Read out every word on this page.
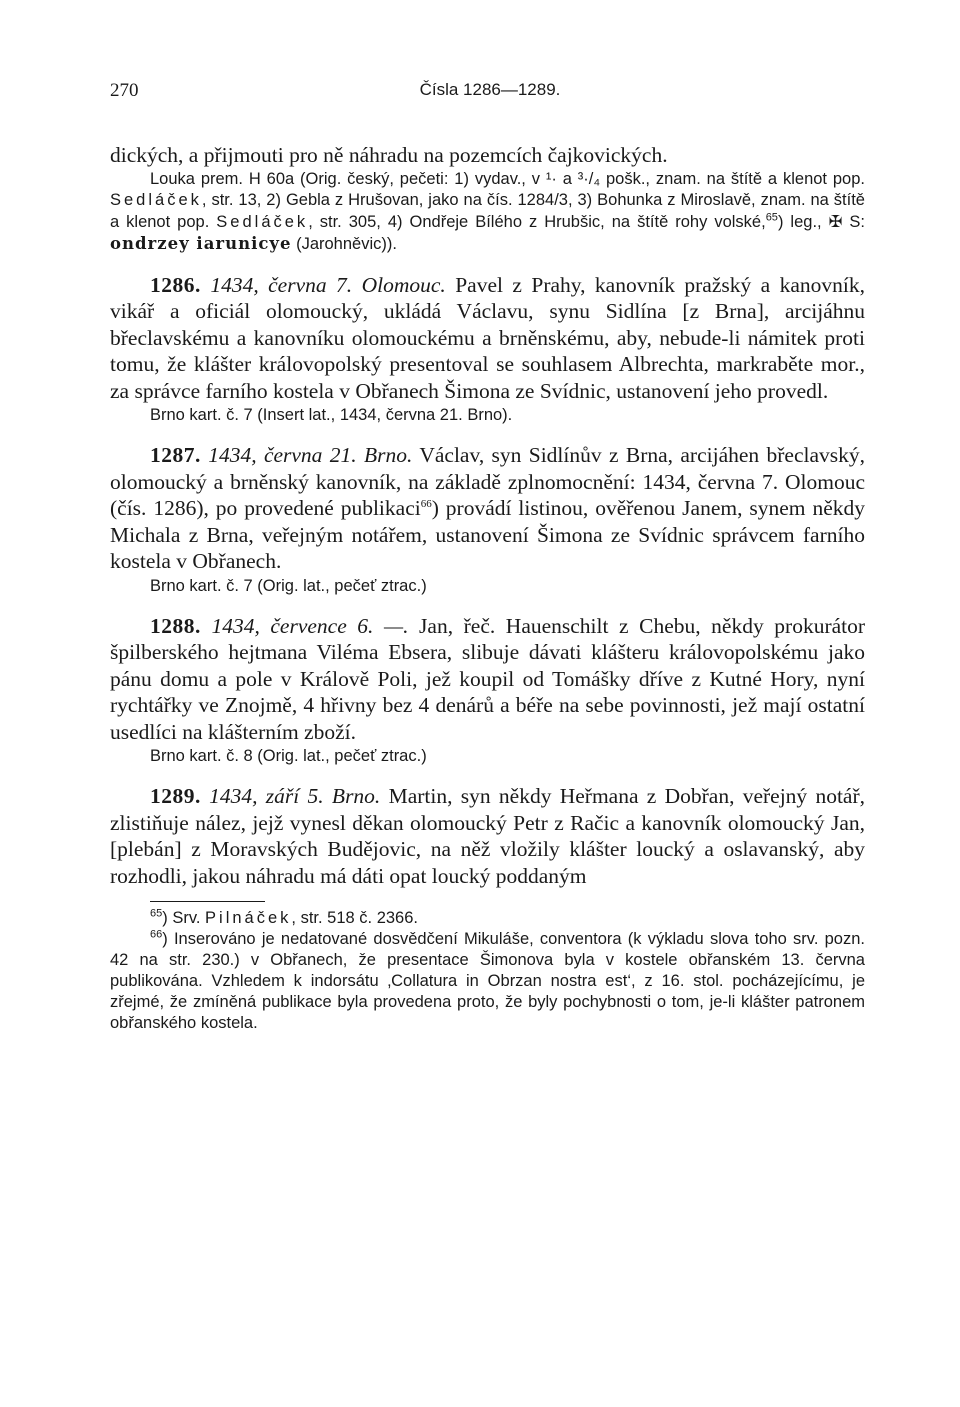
270	Čísla 1286—1289.

dických, a přijmouti pro ně náhradu na pozemcích čajkovických.

Louka prem. H 60a (Orig. český, pečeti: 1) vydav., v ¹· a ³·/₄ pošk., znam. na štítě a klenot pop. Sedláček, str. 13, 2) Gebla z Hrušovan, jako na čís. 1284/3, 3) Bohunka z Miroslavě, znam. na štítě a klenot pop. Sedláček, str. 305, 4) Ondřeje Bílého z Hrubšic, na štítě rohy volské,$^{65}$) leg., ✠ S: ondrzey iarunicye (Jarohněvic)).

1286. 1434, června 7. Olomouc. Pavel z Prahy, kanovník pražský a kanovník, vikář a oficiál olomoucký, ukládá Václavu, synu Sidlína [z Brna], arcijáhnu břeclavskému a kanovníku olomouckému a brněnskému, aby, nebude-li námitek proti tomu, že klášter královopolský presentoval se souhlasem Albrechta, markraběte mor., za správce farního kostela v Obřanech Šimona ze Svídnic, ustanovení jeho provedl.

Brno kart. č. 7 (Insert lat., 1434, června 21. Brno).

1287. 1434, června 21. Brno. Václav, syn Sidlínův z Brna, arcijáhen břeclavský, olomoucký a brněnský kanovník, na základě zplnomocnění: 1434, června 7. Olomouc (čís. 1286), po provedené publikaci$^{66}$) provádí listinou, ověřenou Janem, synem někdy Michala z Brna, veřejným notářem, ustanovení Šimona ze Svídnic správcem farního kostela v Obřanech.

Brno kart. č. 7 (Orig. lat., pečeť ztrac.)

1288. 1434, července 6. —. Jan, řeč. Hauenschilt z Chebu, někdy prokurátor špilberského hejtmana Viléma Ebsera, slibuje dávati klášteru královopolskému jako pánu domu a pole v Králově Poli, jež koupil od Tomášky dříve z Kutné Hory, nyní rychtářky ve Znojmě, 4 hřivny bez 4 denárů a béře na sebe povinnosti, jež mají ostatní usedlíci na klášterním zboží.

Brno kart. č. 8 (Orig. lat., pečeť ztrac.)

1289. 1434, září 5. Brno. Martin, syn někdy Heřmana z Dobřan, veřejný notář, zlistiňuje nález, jejž vynesl děkan olomoucký Petr z Račic a kanovník olomoucký Jan, [plebán] z Moravských Budějovic, na něž vložily klášter loucký a oslavanský, aby rozhodli, jakou náhradu má dáti opat loucký poddaným

$^{65}$) Srv. Pilnáček, str. 518 č. 2366.

$^{66}$) Inserováno je nedatované dosvědčení Mikuláše, conventora (k výkladu slova toho srv. pozn. 42 na str. 230.) v Obřanech, že presentace Šimonova byla v kostele obřanském 13. června publikována. Vzhledem k indorsátu ‚Collatura in Obrzan nostra est‘, z 16. stol. pocházejícímu, je zřejmé, že zmíněná publikace byla provedena proto, že byly pochybnosti o tom, je-li klášter patronem obřanského kostela.
